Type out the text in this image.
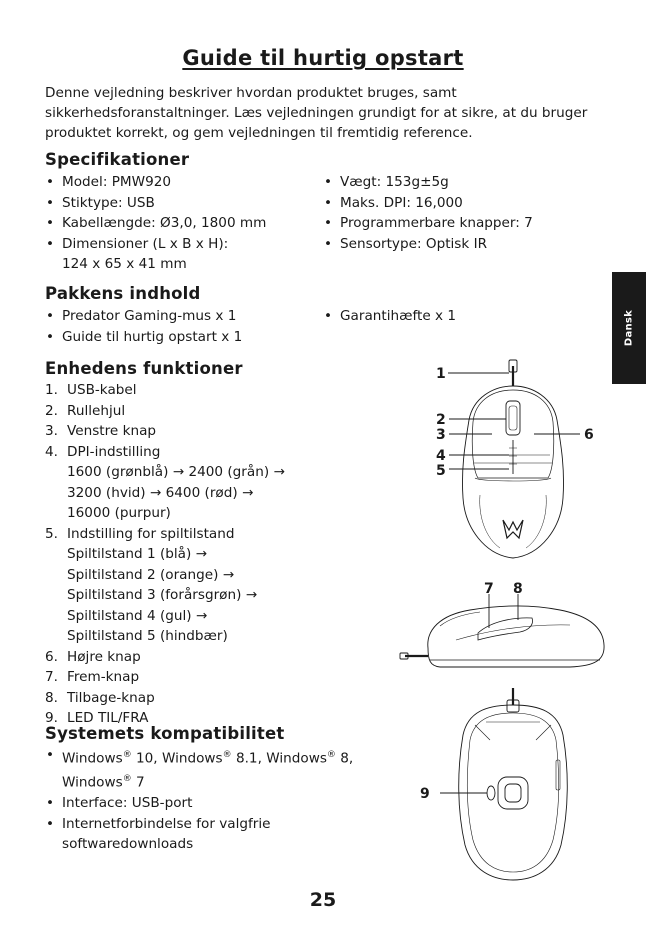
Guide til hurtig opstart
Denne vejledning beskriver hvordan produktet bruges, samt sikkerhedsforanstaltninger. Læs vejledningen grundigt for at sikre, at du bruger produktet korrekt, og gem vejledningen til fremtidig reference.
Specifikationer
• Model: PMW920
• Stiktype: USB
• Kabellængde: Ø3,0, 1800 mm
• Dimensioner (L x B x H):
124 x 65 x 41 mm
• Vægt: 153g±5g
• Maks. DPI: 16,000
• Programmerbare knapper: 7
• Sensortype: Optisk IR
Pakkens indhold
• Predator Gaming-mus x 1
• Guide til hurtig opstart x 1
• Garantihæfte x 1
Enhedens funktioner
1. USB-kabel
2. Rullehjul
3. Venstre knap
4. DPI-indstilling
1600 (grønblå) → 2400 (grån) →
3200 (hvid) → 6400 (rød) →
16000 (purpur)
5. Indstilling for spiltilstand
Spiltilstand 1 (blå) →
Spiltilstand 2 (orange) →
Spiltilstand 3 (forårsgrøn) →
Spiltilstand 4 (gul) →
Spiltilstand 5 (hindbær)
6. Højre knap
7. Frem-knap
8. Tilbage-knap
9. LED TIL/FRA
Systemets kompatibilitet
• Windows® 10, Windows® 8.1, Windows® 8,
Windows® 7
• Interface: USB-port
• Internetforbindelse for valgfrie softwaredownloads
Dansk
1
2
3
4
5
6
7 8
9
25
